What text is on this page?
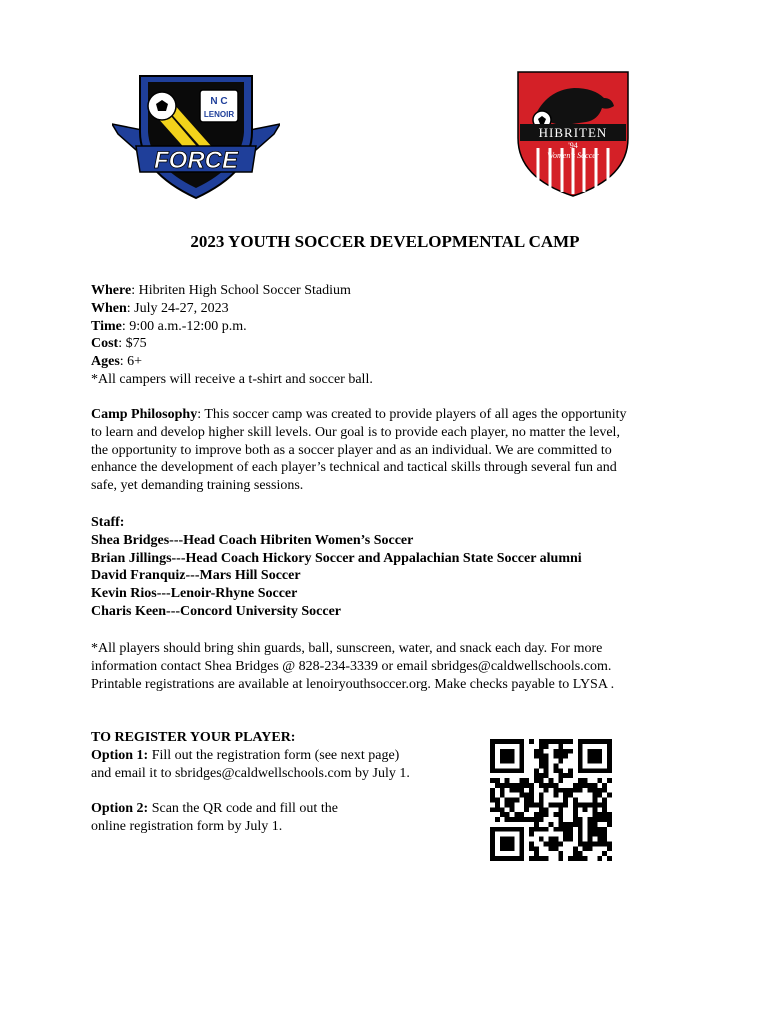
N C
LENOIR
FORCE
HIBRITEN
'94
Women's Soccer
2023 YOUTH SOCCER DEVELOPMENTAL CAMP
Where: Hibriten High School Soccer Stadium
When: July 24-27, 2023
Time: 9:00 a.m.-12:00 p.m.
Cost: $75
Ages: 6+
*All campers will receive a t-shirt and soccer ball.
Camp Philosophy: This soccer camp was created to provide players of all ages the opportunity
to learn and develop higher skill levels. Our goal is to provide each player, no matter the level,
the opportunity to improve both as a soccer player and as an individual. We are committed to
enhance the development of each player’s technical and tactical skills through several fun and
safe, yet demanding training sessions.
Staff:
Shea Bridges---Head Coach Hibriten Women’s Soccer
Brian Jillings---Head Coach Hickory Soccer and Appalachian State Soccer alumni
David Franquiz---Mars Hill Soccer
Kevin Rios---Lenoir-Rhyne Soccer
Charis Keen---Concord University Soccer
*All players should bring shin guards, ball, sunscreen, water, and snack each day. For more
information contact Shea Bridges @ 828-234-3339 or email sbridges@caldwellschools.com.
Printable registrations are available at lenoiryouthsoccer.org. Make checks payable to LYSA .
TO REGISTER YOUR PLAYER:
Option 1: Fill out the registration form (see next page)
and email it to sbridges@caldwellschools.com by July 1.
Option 2: Scan the QR code and fill out the
online registration form by July 1.
